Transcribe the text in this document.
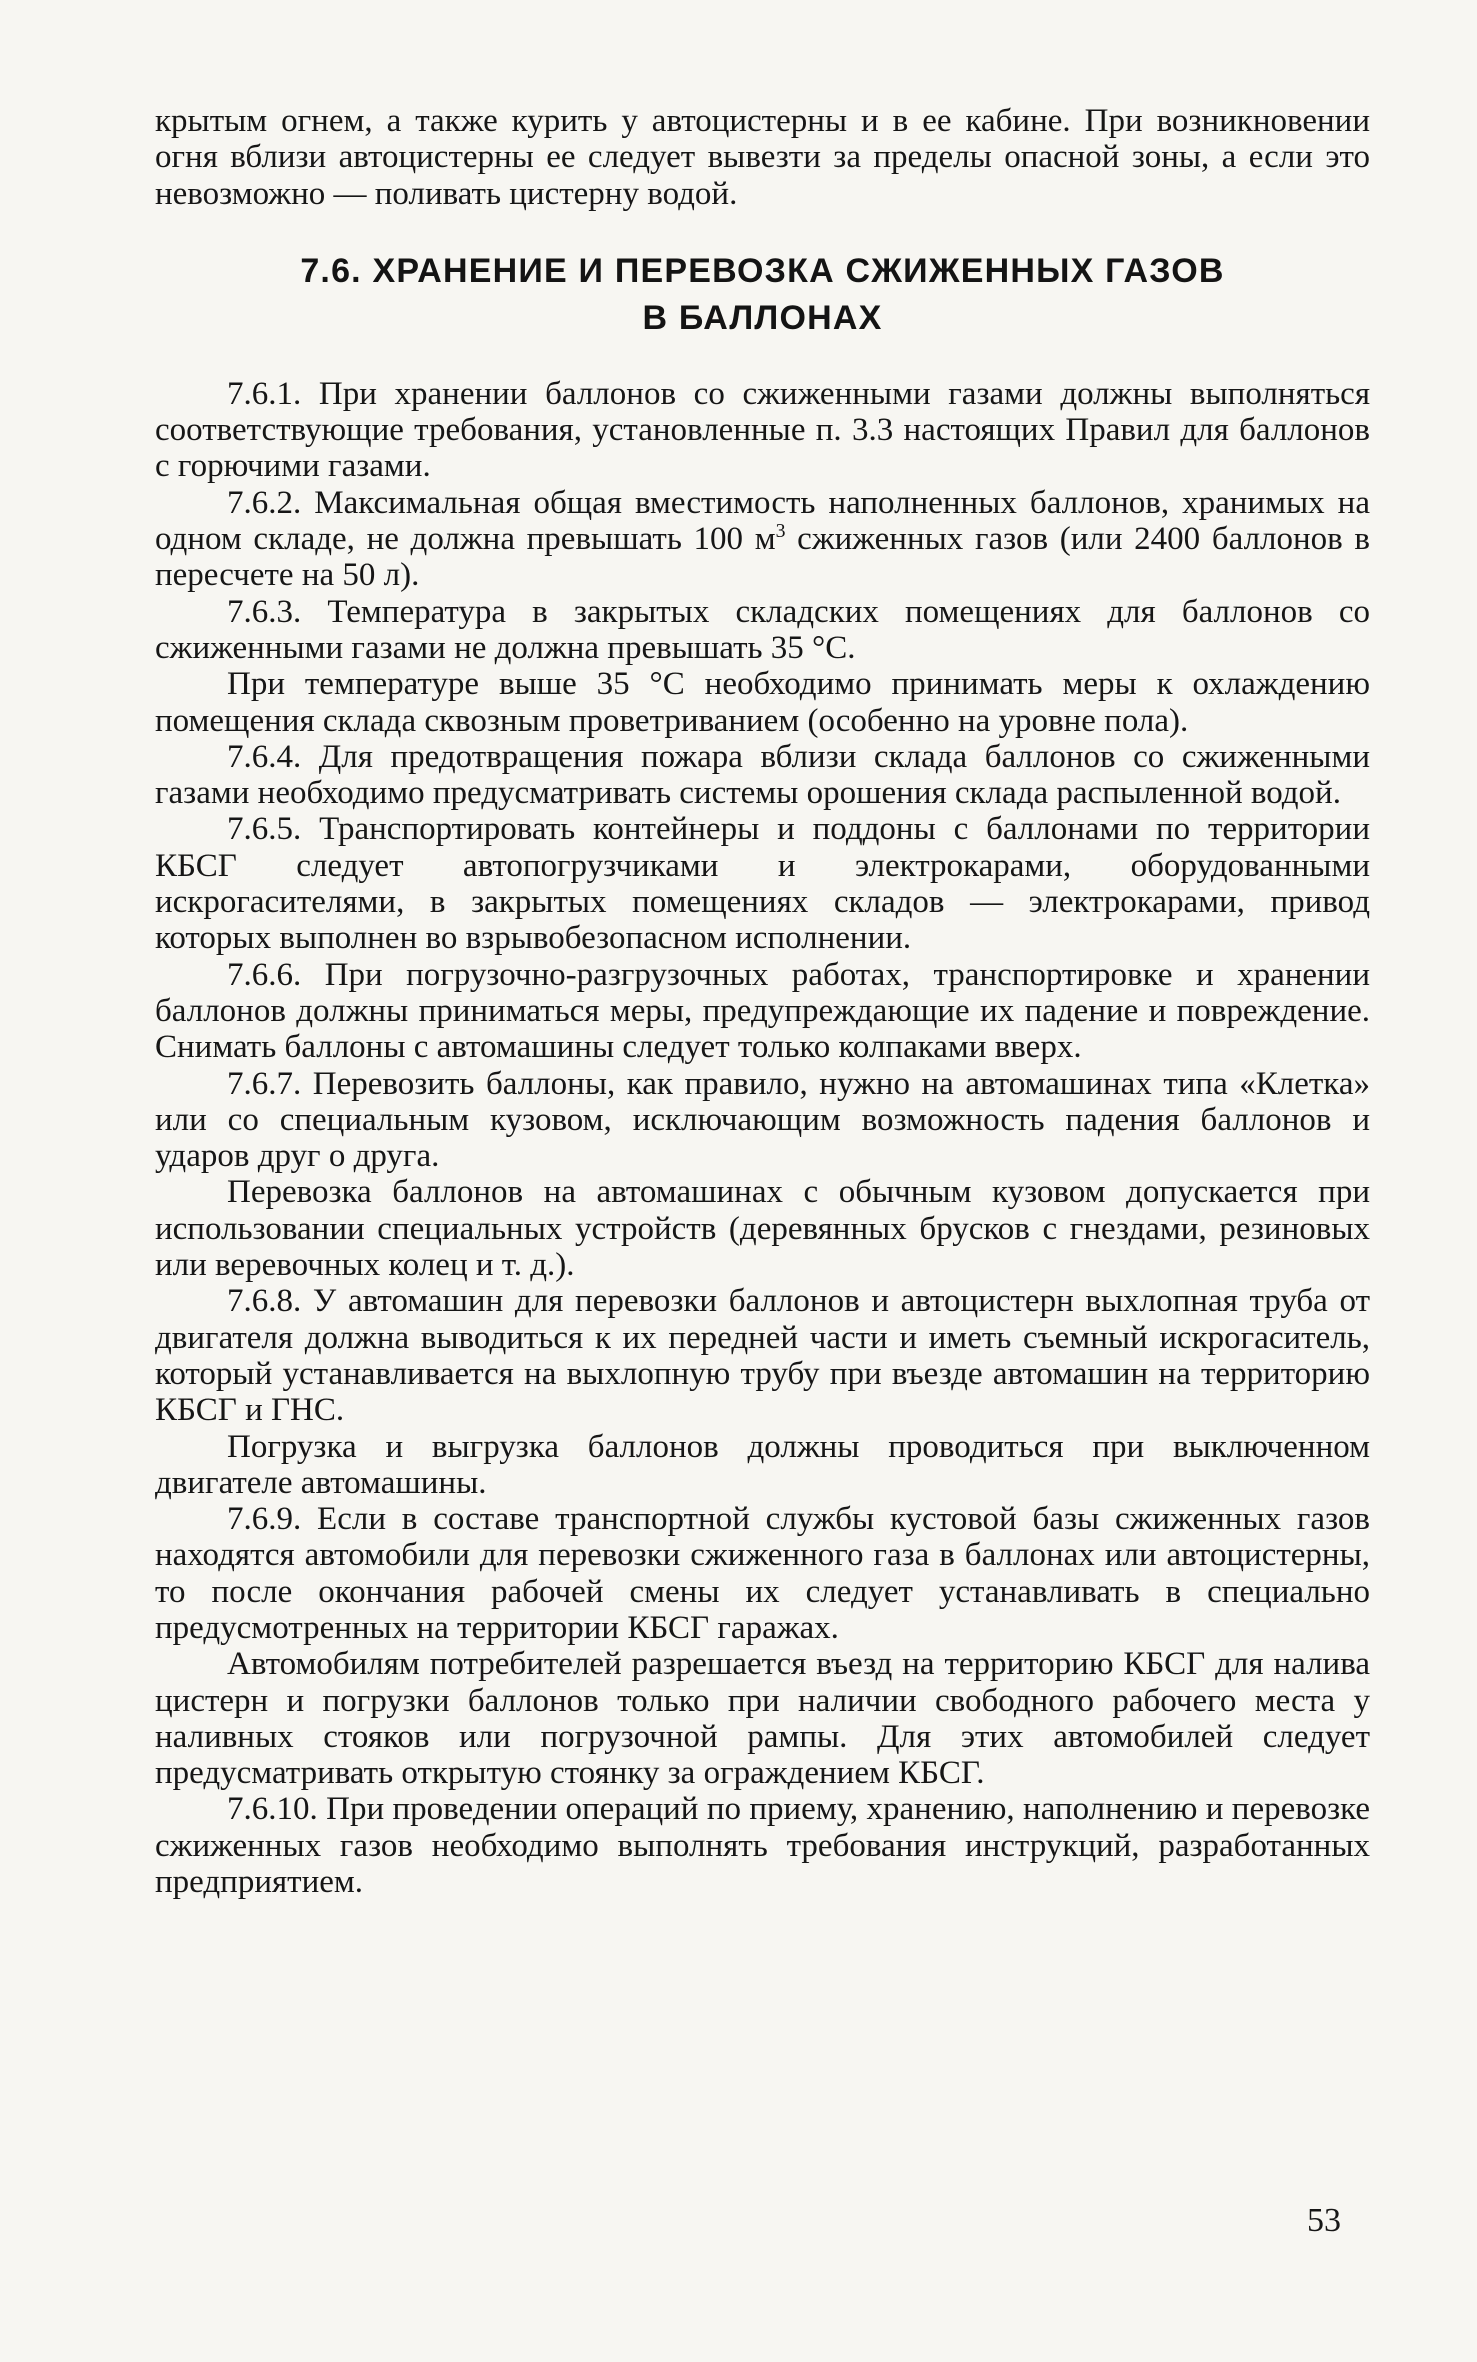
крытым огнем, а также курить у автоцистерны и в ее кабине. При возникновении огня вблизи автоцистерны ее следует вывезти за пределы опасной зоны, а если это невозможно — поливать цистерну водой.

7.6. ХРАНЕНИЕ И ПЕРЕВОЗКА СЖИЖЕННЫХ ГАЗОВ
В БАЛЛОНАХ

7.6.1. При хранении баллонов со сжиженными газами должны выполняться соответствующие требования, установленные п. 3.3 настоящих Правил для баллонов с горючими газами.

7.6.2. Максимальная общая вместимость наполненных баллонов, хранимых на одном складе, не должна превышать 100 $м^3$ сжиженных газов (или 2400 баллонов в пересчете на 50 л).

7.6.3. Температура в закрытых складских помещениях для баллонов со сжиженными газами не должна превышать 35 °С.

При температуре выше 35 °С необходимо принимать меры к охлаждению помещения склада сквозным проветриванием (особенно на уровне пола).

7.6.4. Для предотвращения пожара вблизи склада баллонов со сжиженными газами необходимо предусматривать системы орошения склада распыленной водой.

7.6.5. Транспортировать контейнеры и поддоны с баллонами по территории КБСГ следует автопогрузчиками и электрокарами, оборудованными искрогасителями, в закрытых помещениях складов — электрокарами, привод которых выполнен во взрывобезопасном исполнении.

7.6.6. При погрузочно-разгрузочных работах, транспортировке и хранении баллонов должны приниматься меры, предупреждающие их падение и повреждение. Снимать баллоны с автомашины следует только колпаками вверх.

7.6.7. Перевозить баллоны, как правило, нужно на автомашинах типа «Клетка» или со специальным кузовом, исключающим возможность падения баллонов и ударов друг о друга.

Перевозка баллонов на автомашинах с обычным кузовом допускается при использовании специальных устройств (деревянных брусков с гнездами, резиновых или веревочных колец и т. д.).

7.6.8. У автомашин для перевозки баллонов и автоцистерн выхлопная труба от двигателя должна выводиться к их передней части и иметь съемный искрогаситель, который устанавливается на выхлопную трубу при въезде автомашин на территорию КБСГ и ГНС.

Погрузка и выгрузка баллонов должны проводиться при выключенном двигателе автомашины.

7.6.9. Если в составе транспортной службы кустовой базы сжиженных газов находятся автомобили для перевозки сжиженного газа в баллонах или автоцистерны, то после окончания рабочей смены их следует устанавливать в специально предусмотренных на территории КБСГ гаражах.

Автомобилям потребителей разрешается въезд на территорию КБСГ для налива цистерн и погрузки баллонов только при наличии свободного рабочего места у наливных стояков или погрузочной рампы. Для этих автомобилей следует предусматривать открытую стоянку за ограждением КБСГ.

7.6.10. При проведении операций по приему, хранению, наполнению и перевозке сжиженных газов необходимо выполнять требования инструкций, разработанных предприятием.

53
